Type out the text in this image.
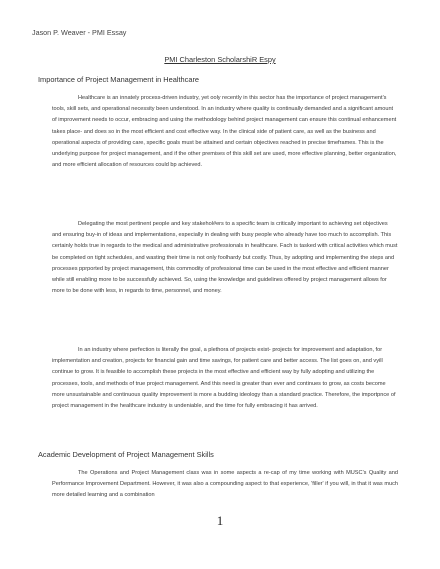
Jason P. Weaver - PMI Essay
PMI Charleston ScholarshiR Espy
Importance of Project Management in Healthcare
Healthcare is an innately process-driven industry, yet ooly recently in this sector has the importance of project management's tools, skill sets, and operational necessity been understood. In an industry where quality is continually demanded and a significant amount of improvement needs to occur, embracing and using the methodology behind project management can ensure this continual enhancement takes place- and does so in the most efficient and cost effective way. In the clinical side of patient care, as well as the business and operational aspects of providing care, specific goals must be attained and certain objectives reached in precise timeframes. This is the underlying purpose for project management, and if the other premises of this skill set are used, more effective planning, better organization, and more efficient allocation of resources could bp achieved.
Delegating the most pertinent people and key stakehol#ers to a specific team is critically important to achieving set objectives and ensuring buy-in of ideas and implementations, especially in dealing with busy people who already have too much to accomplish. This certainly holds true in regards to the medical and administrative professionals in healthcare. Fach is tasked with critical activities which must be completed on tight schedules, and wasting their time is not only foolhardy but costly. Thus, by adopting and implementing the steps and processes pprported by project management, this commodity of professional time can be used in the most effective and efficient manner while still enabling more to be successfully achieved. So, using the knowledge and guidelines offered by project management allows for more to be done with less, in regards to time, personnel, and money.
In an industry where perfection is literally the goal, a plethora of projects exist- projects for improvement and adaptation, for implementation and creation, projects for financial gain and time savings, for patient care and better access. The list goes on, and vyill continue to grow. It is feasible to accomplish these projects in the most effective and efficient way by fully adopting and utilizing the processes, tools, and methods of true project management. And this need is greater than ever and continues to grow, as costs become more unsustainable and continuous quality improvement is more a budding ideology than a standard practice. Therefore, the importpnce of project management in the healthcare industry is undeniable, and the time for fully embracing it has arrived.
Academic Development of Project Management Skills
The Operations and Project Management class was in some aspects a re-cap of my time working with MUSC's Quality and Performance Improvement Department. However, it was also a compounding aspect to that experience, 'filler' if you will, in that it was much more detailed learning and a combination
1
